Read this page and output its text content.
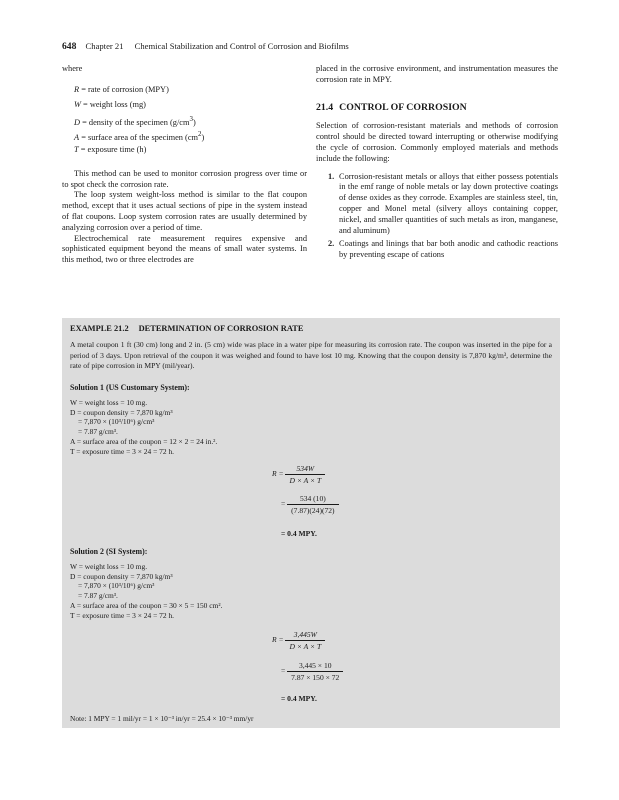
648 Chapter 21 Chemical Stabilization and Control of Corrosion and Biofilms
where
R = rate of corrosion (MPY)
W = weight loss (mg)
D = density of the specimen $(g/cm^3)$
A = surface area of the specimen $(cm^2)$
T = exposure time (h)

This method can be used to monitor corrosion progress over time or to spot check the corrosion rate.

The loop system weight-loss method is similar to the flat coupon method, except that it uses actual sections of pipe in the system instead of flat coupons. Loop system corrosion rates are usually determined by analyzing corrosion over a period of time.

Electrochemical rate measurement requires expensive and sophisticated equipment beyond the means of small water systems. In this method, two or three electrodes are

placed in the corrosive environment, and instrumentation measures the corrosion rate in MPY.
21.4 CONTROL OF CORROSION
Selection of corrosion-resistant materials and methods of corrosion control should be directed toward interrupting or otherwise modifying the cycle of corrosion. Commonly employed materials and methods include the following:
1. Corrosion-resistant metals or alloys that either possess potentials in the emf range of noble metals or lay down protective coatings of dense oxides as they corrode. Examples are stainless steel, tin, copper and Monel metal (silvery alloys containing copper, nickel, and smaller quantities of such metals as iron, manganese, and aluminum)
2. Coatings and linings that bar both anodic and cathodic reactions by preventing escape of cations
EXAMPLE 21.2 DETERMINATION OF CORROSION RATE
A metal coupon 1 ft (30 cm) long and 2 in. (5 cm) wide was place in a water pipe for measuring its corrosion rate. The coupon was inserted in the pipe for a period of 3 days. Upon retrieval of the coupon it was weighed and found to have lost 10 mg. Knowing that the coupon density is 7,870 kg/m³, determine the rate of pipe corrosion in MPY (mil/year).
Solution 1 (US Customary System):
W = weight loss = 10 mg.
D = coupon density = 7,870 kg/m³
= 7,870 × (10³/10⁶) g/cm³
= 7.87 g/cm³.
A = surface area of the coupon = 12 × 2 = 24 in.².
T = exposure time = 3 × 24 = 72 h.
$R = \frac{534W}{D \times A \times T}$
= $\frac{534 (10)}{(7.87)(24)(72)}$
= 0.4 MPY.
Solution 2 (SI System):
W = weight loss = 10 mg.
D = coupon density = 7,870 kg/m³
= 7,870 × (10³/10⁶) g/cm³
= 7.87 g/cm³.
A = surface area of the coupon = 30 × 5 = 150 cm².
T = exposure time = 3 × 24 = 72 h.
$R = \frac{3,445W}{D \times A \times T}$
= $\frac{3,445 \times 10}{7.87 \times 150 \times 72}$
= 0.4 MPY.
Note: 1 MPY = 1 mil/yr = 1 × 10⁻³ in/yr = 25.4 × 10⁻³ mm/yr
